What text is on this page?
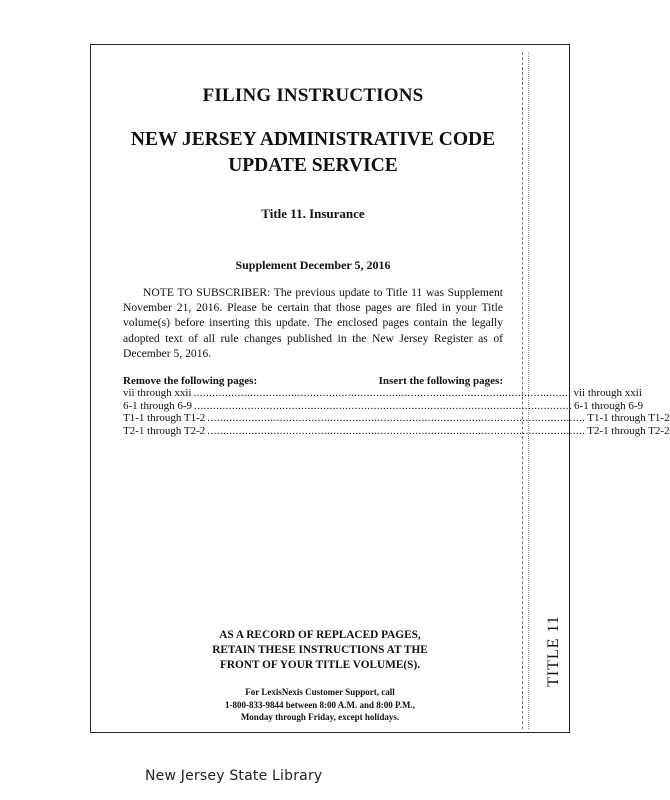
TITLE 11
FILING INSTRUCTIONS
NEW JERSEY ADMINISTRATIVE CODE
UPDATE SERVICE
Title 11. Insurance
Supplement December 5, 2016
NOTE TO SUBSCRIBER: The previous update to Title 11 was Supplement November 21, 2016. Please be certain that those pages are filed in your Title volume(s) before inserting this update. The enclosed pages contain the legally adopted text of all rule changes published in the New Jersey Register as of December 5, 2016.
Remove the following pages:	Insert the following pages:
vii through xxii ........................................................................................................................ vii through xxii
6-1 through 6-9 ........................................................................................................................ 6-1 through 6-9
T1-1 through T1-2 ........................................................................................................................ T1-1 through T1-2
T2-1 through T2-2 ........................................................................................................................ T2-1 through T2-2
AS A RECORD OF REPLACED PAGES,
RETAIN THESE INSTRUCTIONS AT THE
FRONT OF YOUR TITLE VOLUME(S).
For LexisNexis Customer Support, call
1-800-833-9844 between 8:00 A.M. and 8:00 P.M.,
Monday through Friday, except holidays.
New Jersey State Library
